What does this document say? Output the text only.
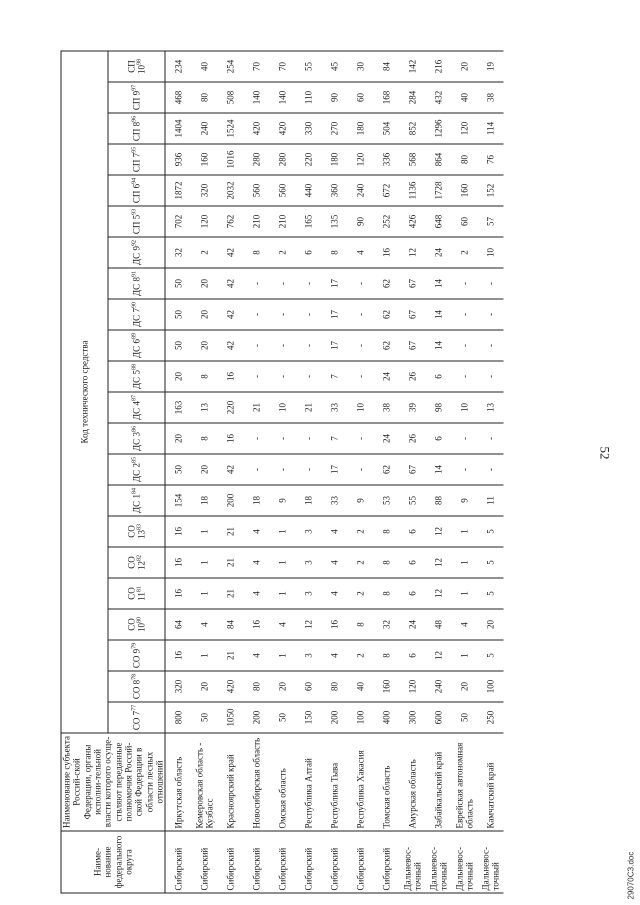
52
Наиме-нование федерального округа	Наименование субъекта Россий-ской Федерации, органы исполни-тельной власти которого осуще-ствляют переданные полномочия Россий-ской Федерации в области лесных отношений	Код технического средства																					
		СО $7^{77}$	СО $8^{78}$	СО $9^{79}$	СО $10^{80}$	СО $11^{81}$	СО $12^{82}$	СО $13^{83}$	ДС $1^{84}$	ДС $2^{85}$	ДС $3^{86}$	ДС $4^{87}$	ДС $5^{88}$	ДС $6^{89}$	ДС $7^{90}$	ДС $8^{91}$	ДС $9^{92}$	СП $5^{93}$	СП $6^{94}$	СП $7^{95}$	СП $8^{96}$	СП $9^{97}$	СП $10^{98}$
Сибирский	Иркутская область	800	320	16	64	16	16	16	154	50	20	163	20	50	50	50	32	702	1872	936	1404	468	234
Сибирский	Кемеровская область - Кузбасс	50	20	1	4	1	1	1	18	20	8	13	8	20	20	20	2	120	320	160	240	80	40
Сибирский	Красноярский край	1050	420	21	84	21	21	21	200	42	16	220	16	42	42	42	42	762	2032	1016	1524	508	254
Сибирский	Новосибирская область	200	80	4	16	4	4	4	18	-	-	21	-	-	-	-	8	210	560	280	420	140	70
Сибирский	Омская область	50	20	1	4	1	1	1	9	-	-	10	-	-	-	-	2	210	560	280	420	140	70
Сибирский	Республика Алтай	150	60	3	12	3	3	3	18	-	-	21	-	-	-	-	6	165	440	220	330	110	55
Сибирский	Республика Тыва	200	80	4	16	4	4	4	33	17	7	33	7	17	17	17	8	135	360	180	270	90	45
Сибирский	Республика Хакасия	100	40	2	8	2	2	2	9	-	-	10	-	-	-	-	4	90	240	120	180	60	30
Сибирский	Томская область	400	160	8	32	8	8	8	53	62	24	38	24	62	62	62	16	252	672	336	504	168	84
Дальневос-точный	Амурская область	300	120	6	24	6	6	6	55	67	26	39	26	67	67	67	12	426	1136	568	852	284	142
Дальневос-точный	Забайкальский край	600	240	12	48	12	12	12	88	14	6	98	6	14	14	14	24	648	1728	864	1296	432	216
Дальневос-точный	Еврейская автономная область	50	20	1	4	1	1	1	9	-	-	10	-	-	-	-	2	60	160	80	120	40	20
Дальневос-точный	Камчатский край	250	100	5	20	5	5	5	11	-	-	13	-	-	-	-	10	57	152	76	114	38	19
29070СЗ.doc
